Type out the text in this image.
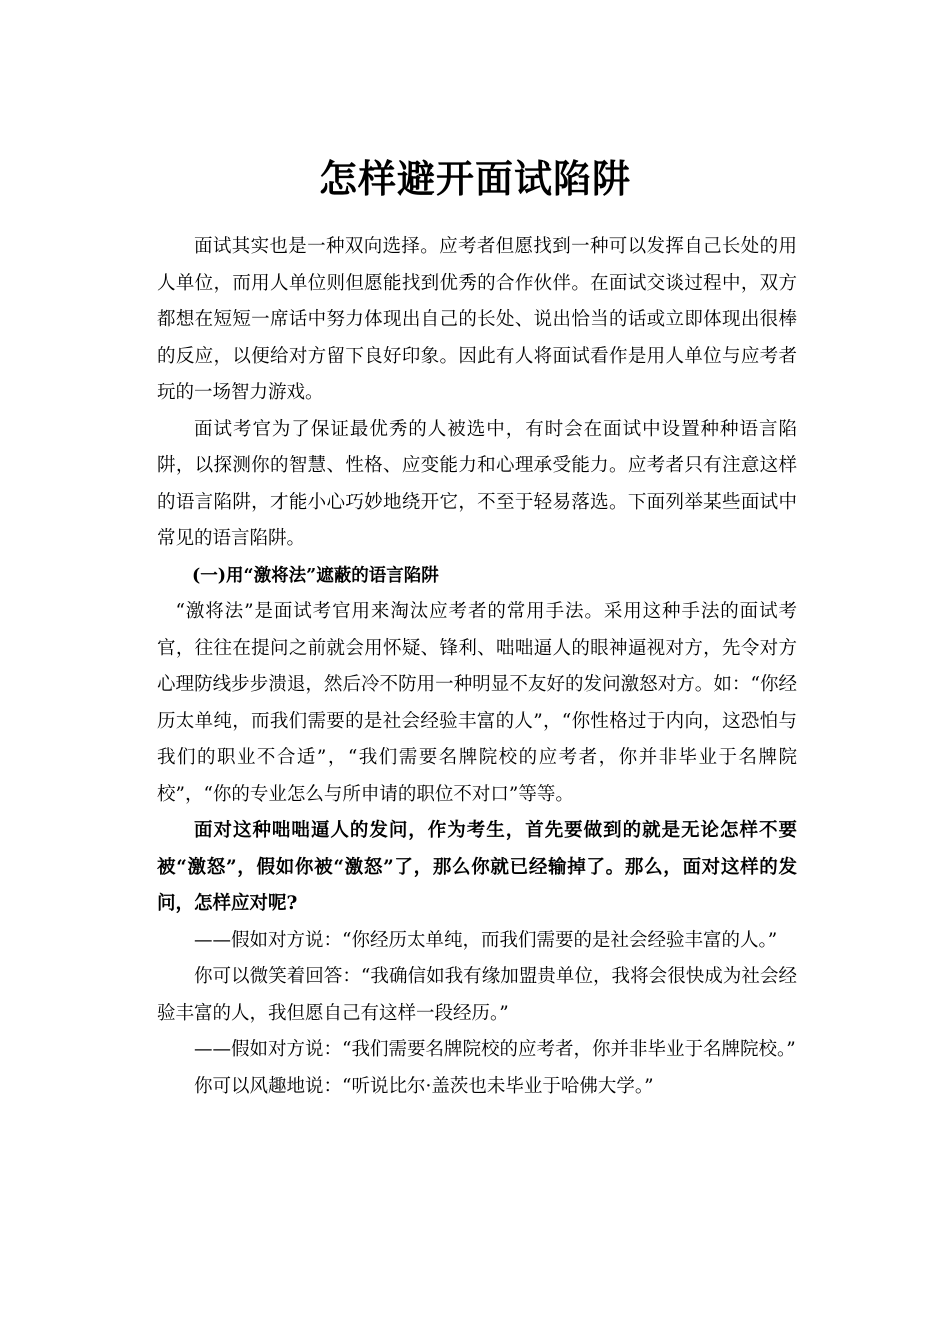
怎样避开面试陷阱

面试其实也是一种双向选择。应考者但愿找到一种可以发挥自己长处的用人单位，而用人单位则但愿能找到优秀的合作伙伴。在面试交谈过程中，双方都想在短短一席话中努力体现出自己的长处、说出恰当的话或立即体现出很棒的反应，以便给对方留下良好印象。因此有人将面试看作是用人单位与应考者玩的一场智力游戏。

面试考官为了保证最优秀的人被选中，有时会在面试中设置种种语言陷阱，以探测你的智慧、性格、应变能力和心理承受能力。应考者只有注意这样的语言陷阱，才能小心巧妙地绕开它，不至于轻易落选。下面列举某些面试中常见的语言陷阱。

(一)用“激将法”遮蔽的语言陷阱

“激将法”是面试考官用来淘汰应考者的常用手法。采用这种手法的面试考官，往往在提问之前就会用怀疑、锋利、咄咄逼人的眼神逼视对方，先令对方心理防线步步溃退，然后冷不防用一种明显不友好的发问激怒对方。如：“你经历太单纯，而我们需要的是社会经验丰富的人”，“你性格过于内向，这恐怕与我们的职业不合适”，“我们需要名牌院校的应考者，你并非毕业于名牌院校”，“你的专业怎么与所申请的职位不对口”等等。

面对这种咄咄逼人的发问，作为考生，首先要做到的就是无论怎样不要被“激怒”，假如你被“激怒”了，那么你就已经输掉了。那么，面对这样的发问，怎样应对呢?

——假如对方说：“你经历太单纯，而我们需要的是社会经验丰富的人。”

你可以微笑着回答：“我确信如我有缘加盟贵单位，我将会很快成为社会经验丰富的人，我但愿自己有这样一段经历。”

——假如对方说：“我们需要名牌院校的应考者，你并非毕业于名牌院校。”

你可以风趣地说：“听说比尔·盖茨也未毕业于哈佛大学。”
